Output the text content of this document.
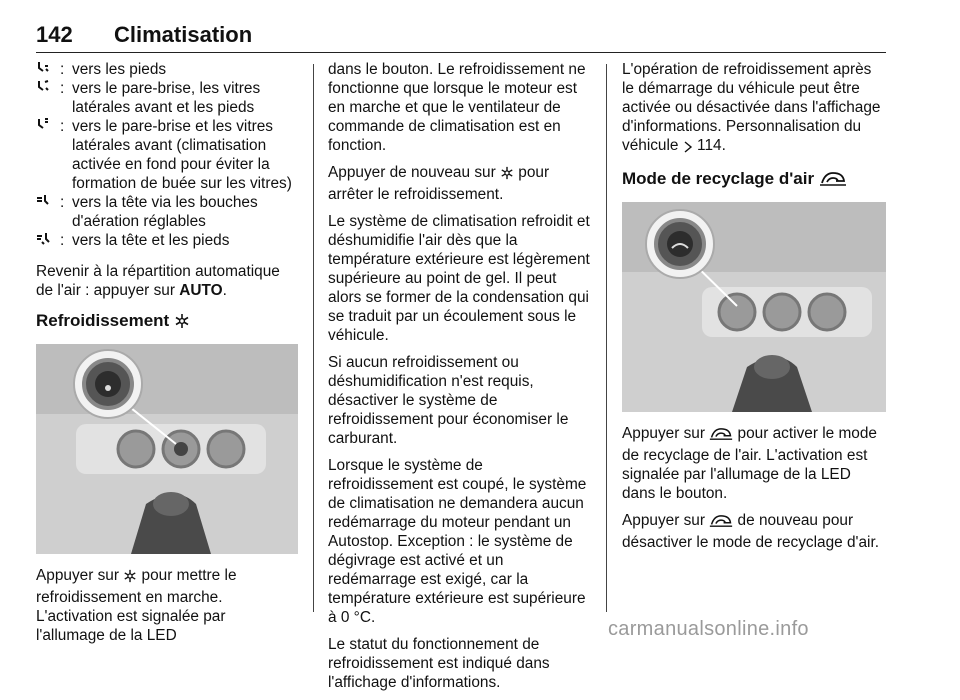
142 Climatisation
: vers les pieds
: vers le pare-brise, les vitres latérales avant et les pieds
: vers le pare-brise et les vitres latérales avant (climatisation activée en fond pour éviter la formation de buée sur les vitres)
: vers la tête via les bouches d'aération réglables
: vers la tête et les pieds

Revenir à la répartition automatique de l'air : appuyer sur AUTO.

Refroidissement

Appuyer sur pour mettre le refroidissement en marche. L'activation est signalée par l'allumage de la LED

dans le bouton. Le refroidissement ne fonctionne que lorsque le moteur est en marche et que le ventilateur de commande de climatisation est en fonction.

Appuyer de nouveau sur pour arrêter le refroidissement.

Le système de climatisation refroidit et déshumidifie l'air dès que la température extérieure est légèrement supérieure au point de gel. Il peut alors se former de la condensation qui se traduit par un écoulement sous le véhicule.

Si aucun refroidissement ou déshumidification n'est requis, désactiver le système de refroidissement pour économiser le carburant.

Lorsque le système de refroidissement est coupé, le système de climatisation ne demandera aucun redémarrage du moteur pendant un Autostop. Exception : le système de dégivrage est activé et un redémarrage est exigé, car la température extérieure est supérieure à 0 °C.

Le statut du fonctionnement de refroidissement est indiqué dans l'affichage d'informations.

L'opération de refroidissement après le démarrage du véhicule peut être activée ou désactivée dans l'affichage d'informations. Personnalisation du véhicule 114.

Mode de recyclage d'air

Appuyer sur pour activer le mode de recyclage de l'air. L'activation est signalée par l'allumage de la LED dans le bouton.

Appuyer sur de nouveau pour désactiver le mode de recyclage d'air.

carmanualsonline.info
